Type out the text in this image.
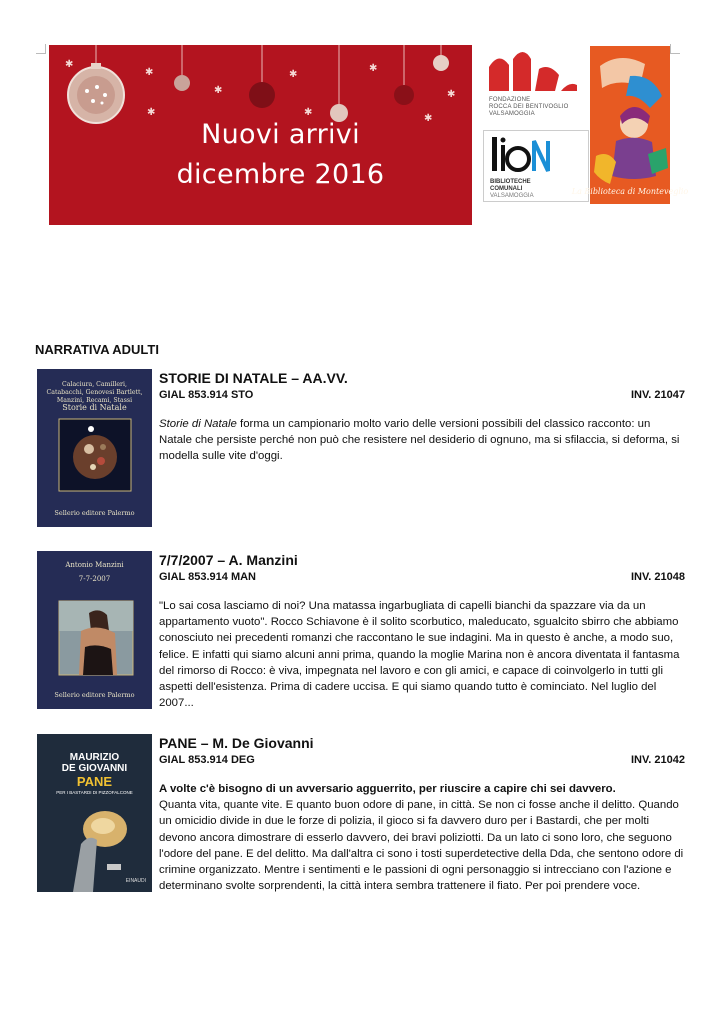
✱
✱
✱
✱
✱
✱
✱
✱
✱
Nuovi arrivi
dicembre 2016
FONDAZIONE
ROCCA DEI BENTIVOGLIO
VALSAMOGGIA
BIBLIOTECHE
COMUNALI
VALSAMOGGIA	La Biblioteca di Monteveglio
NARRATIVA ADULTI
Calaciura, Camilleri, Catabacchi, Genovesi Bartlett, Manzini, Recami, Stassi
Storie di Natale
Sellerio editore Palermo
STORIE DI NATALE – AA.VV.
GIAL 853.914 STO	INV. 21047
Storie di Natale forma un campionario molto vario delle versioni possibili del classico racconto: un Natale che persiste perché non può che resistere nel desiderio di ognuno, ma si sfilaccia, si deforma, si modella sulle vite d'oggi.
Antonio Manzini
7-7-2007
Sellerio editore Palermo
7/7/2007 – A. Manzini
GIAL 853.914 MAN	INV. 21048
"Lo sai cosa lasciamo di noi? Una matassa ingarbugliata di capelli bianchi da spazzare via da un appartamento vuoto". Rocco Schiavone è il solito scorbutico, maleducato, sgualcito sbirro che abbiamo conosciuto nei precedenti romanzi che raccontano le sue indagini. Ma in questo è anche, a modo suo, felice. E infatti qui siamo alcuni anni prima, quando la moglie Marina non è ancora diventata il fantasma del rimorso di Rocco: è viva, impegnata nel lavoro e con gli amici, e capace di coinvolgerlo in tutti gli aspetti dell'esistenza. Prima di cadere uccisa. E qui siamo quando tutto è cominciato. Nel luglio del 2007...
MAURIZIO
DE GIOVANNI
PANE
PER I BASTARDI DI PIZZOFALCONE
EINAUDI
PANE – M. De Giovanni
GIAL 853.914 DEG	INV. 21042
A volte c'è bisogno di un avversario agguerrito, per riuscire a capire chi sei davvero.
Quanta vita, quante vite. E quanto buon odore di pane, in città. Se non ci fosse anche il delitto. Quando un omicidio divide in due le forze di polizia, il gioco si fa davvero duro per i Bastardi, che per molti devono ancora dimostrare di esserlo davvero, dei bravi poliziotti. Da un lato ci sono loro, che seguono l'odore del pane. E del delitto. Ma dall'altra ci sono i tosti superdetective della Dda, che sentono odore di crimine organizzato. Mentre i sentimenti e le passioni di ogni personaggio si intrecciano con l'azione e determinano svolte sorprendenti, la città intera sembra trattenere il fiato. Per poi prendere voce.
